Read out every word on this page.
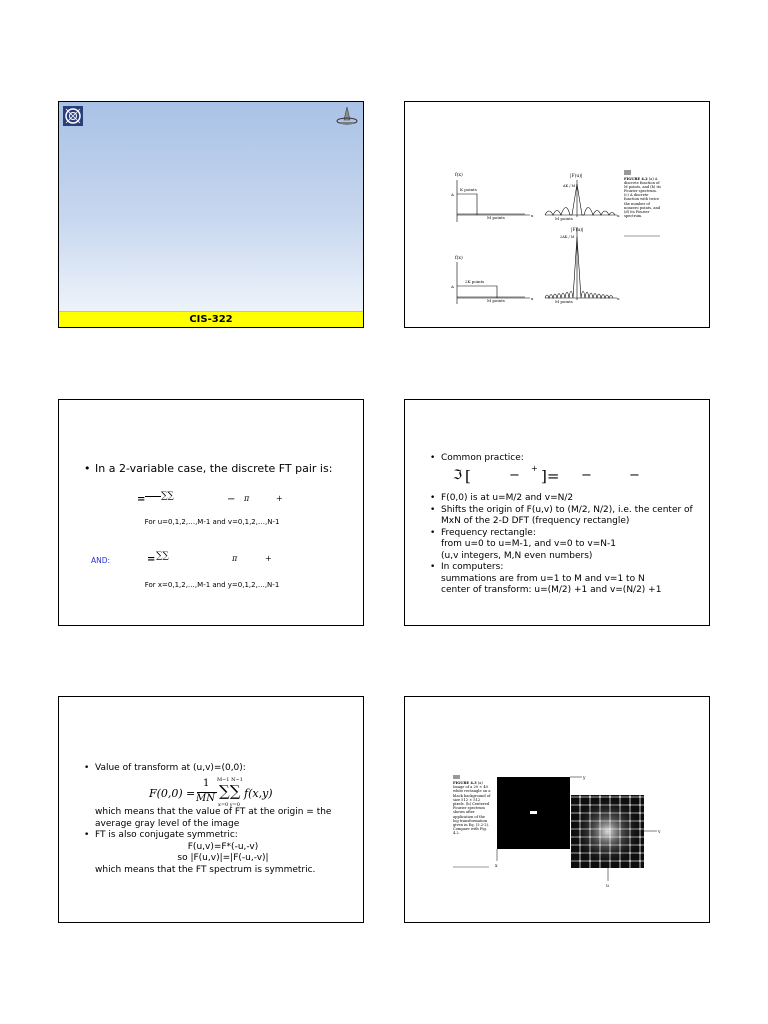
CIS-322
f(x)
A
K points
M points	x
|F(u)|
AK / M
M points
u
f(x)
A
2K points
M points	x
|F(u)|
2AK / M
M points
u
FIGURE 4.2 (a) A discrete function of M points, and (b) its Fourier spectrum. (c) A discrete function with twice the number of nonzero points, and (d) its Fourier spectrum.
• In a 2-variable case, the discrete FT pair is:
= ∑∑	− π	+
For u=0,1,2,…,M-1 and v=0,1,2,…,N-1
AND:	= ∑∑	π	+
For x=0,1,2,…,M-1 and y=0,1,2,…,N-1
• Common practice:
ℑ [	− + ]= −	−
• F(0,0) is at u=M/2 and v=N/2
• Shifts the origin of F(u,v) to (M/2, N/2), i.e. the center of MxN of the 2-D DFT (frequency rectangle)
• Frequency rectangle:
from u=0 to u=M-1, and v=0 to v=N-1
(u,v integers, M,N even numbers)
• In computers:
summations are from u=1 to M and v=1 to N
center of transform: u=(M/2) +1 and v=(N/2) +1
• Value of transform at (u,v)=(0,0):
F(0,0) =
1
MN
M−1 N−1
∑∑
x=0 y=0
f(x,y)
which means that the value of FT at the origin = the average gray level of the image
• FT is also conjugate symmetric:
F(u,v)=F*(-u,-v)
so |F(u,v)|=|F(-u,-v)|
which means that the FT spectrum is symmetric.
y
x
v
u
FIGURE 4.3 (a) Image of a 20 × 40 white rectangle on a black background of size 512 × 512 pixels. (b) Centered Fourier spectrum shown after application of the log transformation given in Eq. (3.2-2). Compare with Fig. 4.2.
